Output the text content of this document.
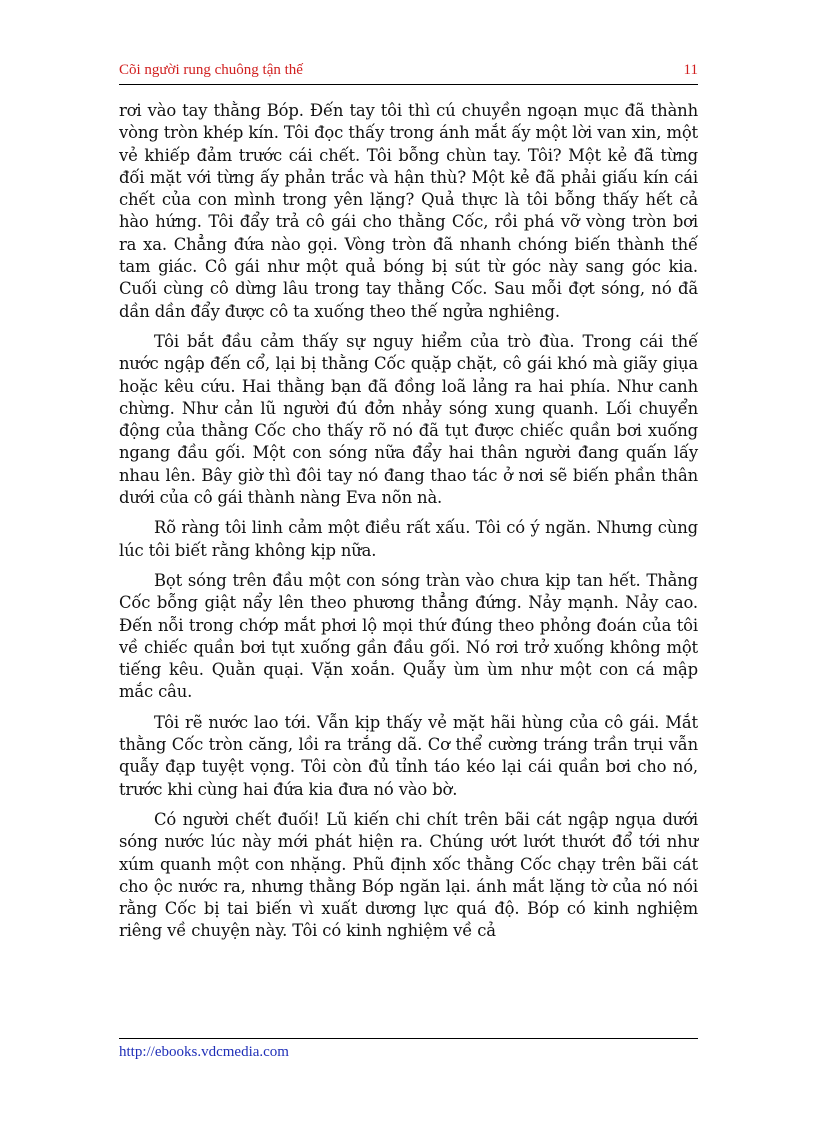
Cõi người rung chuông tận thế	11

rơi vào tay thằng Bóp. Đến tay tôi thì cú chuyền ngoạn mục đã thành vòng tròn khép kín. Tôi đọc thấy trong ánh mắt ấy một lời van xin, một vẻ khiếp đảm trước cái chết. Tôi bỗng chùn tay. Tôi? Một kẻ đã từng đối mặt với từng ấy phản trắc và hận thù? Một kẻ đã phải giấu kín cái chết của con mình trong yên lặng? Quả thực là tôi bỗng thấy hết cả hào hứng. Tôi đẩy trả cô gái cho thằng Cốc, rồi phá vỡ vòng tròn bơi ra xa. Chẳng đứa nào gọi. Vòng tròn đã nhanh chóng biến thành thế tam giác. Cô gái như một quả bóng bị sút từ góc này sang góc kia. Cuối cùng cô dừng lâu trong tay thằng Cốc. Sau mỗi đợt sóng, nó đã dần dần đẩy được cô ta xuống theo thế ngửa nghiêng.

Tôi bắt đầu cảm thấy sự nguy hiểm của trò đùa. Trong cái thế nước ngập đến cổ, lại bị thằng Cốc quặp chặt, cô gái khó mà giãy giụa hoặc kêu cứu. Hai thằng bạn đã đồng loã lảng ra hai phía. Như canh chừng. Như cản lũ người đú đởn nhảy sóng xung quanh. Lối chuyển động của thằng Cốc cho thấy rõ nó đã tụt được chiếc quần bơi xuống ngang đầu gối. Một con sóng nữa đẩy hai thân người đang quấn lấy nhau lên. Bây giờ thì đôi tay nó đang thao tác ở nơi sẽ biến phần thân dưới của cô gái thành nàng Eva nõn nà.

Rõ ràng tôi linh cảm một điều rất xấu. Tôi có ý ngăn. Nhưng cùng lúc tôi biết rằng không kịp nữa.

Bọt sóng trên đầu một con sóng tràn vào chưa kịp tan hết. Thằng Cốc bỗng giật nẩy lên theo phương thẳng đứng. Nảy mạnh. Nảy cao. Đến nỗi trong chớp mắt phơi lộ mọi thứ đúng theo phỏng đoán của tôi về chiếc quần bơi tụt xuống gần đầu gối. Nó rơi trở xuống không một tiếng kêu. Quằn quại. Vặn xoắn. Quẫy ùm ùm như một con cá mập mắc câu.

Tôi rẽ nước lao tới. Vẫn kịp thấy vẻ mặt hãi hùng của cô gái. Mắt thằng Cốc tròn căng, lồi ra trắng dã. Cơ thể cường tráng trần trụi vẫn quẫy đạp tuyệt vọng. Tôi còn đủ tỉnh táo kéo lại cái quần bơi cho nó, trước khi cùng hai đứa kia đưa nó vào bờ.

Có người chết đuối! Lũ kiến chi chít trên bãi cát ngập ngụa dưới sóng nước lúc này mới phát hiện ra. Chúng ướt lướt thướt đổ tới như xúm quanh một con nhặng. Phũ định xốc thằng Cốc chạy trên bãi cát cho ộc nước ra, nhưng thằng Bóp ngăn lại. ánh mắt lặng tờ của nó nói rằng Cốc bị tai biến vì xuất dương lực quá độ. Bóp có kinh nghiệm riêng về chuyện này. Tôi có kinh nghiệm về cả

http://ebooks.vdcmedia.com
